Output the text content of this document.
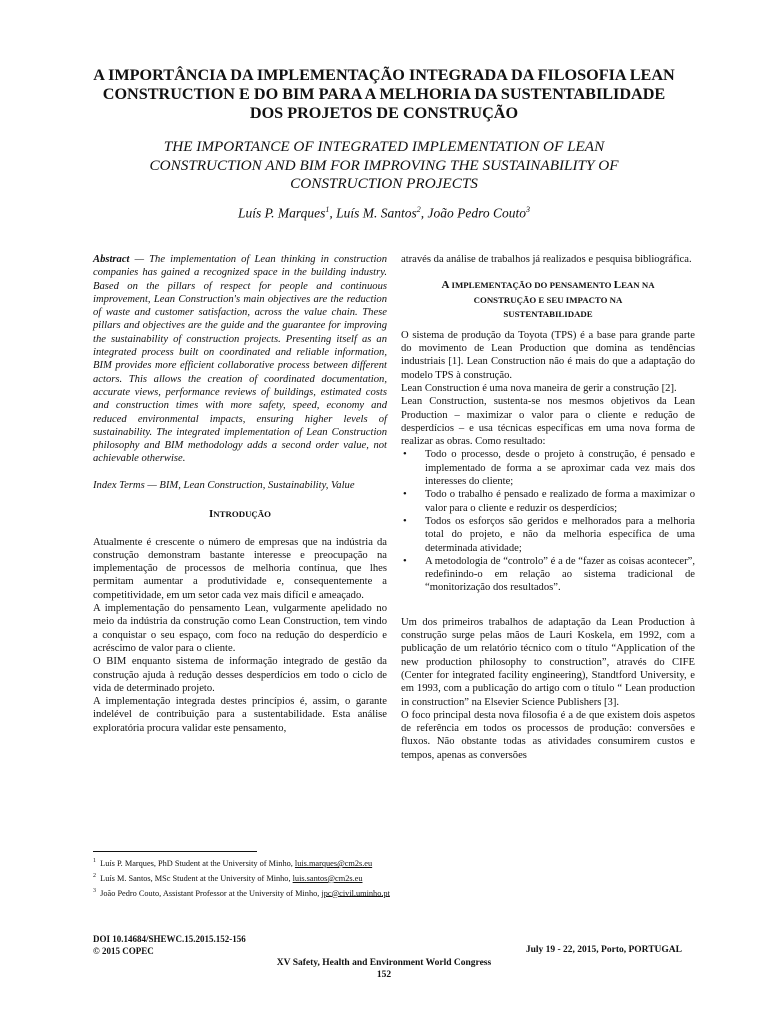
A IMPORTÂNCIA DA IMPLEMENTAÇÃO INTEGRADA DA FILOSOFIA LEAN
CONSTRUCTION E DO BIM PARA A MELHORIA DA SUSTENTABILIDADE
DOS PROJETOS DE CONSTRUÇÃO
THE IMPORTANCE OF INTEGRATED IMPLEMENTATION OF LEAN
CONSTRUCTION AND BIM FOR IMPROVING THE SUSTAINABILITY OF
CONSTRUCTION PROJECTS
Luís P. Marques$^1$, Luís M. Santos$^2$, João Pedro Couto$^3$

Abstract — The implementation of Lean thinking in construction companies has gained a recognized space in the building industry. Based on the pillars of respect for people and continuous improvement, Lean Construction's main objectives are the reduction of waste and customer satisfaction, across the value chain. These pillars and objectives are the guide and the guarantee for improving the sustainability of construction projects. Presenting itself as an integrated process built on coordinated and reliable information, BIM provides more efficient collaborative process between different actors. This allows the creation of coordinated documentation, accurate views, performance reviews of buildings, estimated costs and construction times with more safety, speed, economy and reduced environmental impacts, ensuring higher levels of sustainability. The integrated implementation of Lean Construction philosophy and BIM methodology adds a second order value, not achievable otherwise.

Index Terms — BIM, Lean Construction, Sustainability, Value

INTRODUÇÃO

Atualmente é crescente o número de empresas que na indústria da construção demonstram bastante interesse e preocupação na implementação de processos de melhoria contínua, que lhes permitam aumentar a produtividade e, consequentemente a competitividade, em um setor cada vez mais difícil e ameaçado.

A implementação do pensamento Lean, vulgarmente apelidado no meio da indústria da construção como Lean Construction, tem vindo a conquistar o seu espaço, com foco na redução do desperdício e acréscimo de valor para o cliente.

O BIM enquanto sistema de informação integrado de gestão da construção ajuda à redução desses desperdícios em todo o ciclo de vida de determinado projeto.

A implementação integrada destes princípios é, assim, o garante indelével de contribuição para a sustentabilidade. Esta análise exploratória procura validar este pensamento,

através da análise de trabalhos já realizados e pesquisa bibliográfica.

A IMPLEMENTAÇÃO DO PENSAMENTO LEAN NA
CONSTRUÇÃO E SEU IMPACTO NA
SUSTENTABILIDADE

O sistema de produção da Toyota (TPS) é a base para grande parte do movimento de Lean Production que domina as tendências industriais [1]. Lean Construction não é mais do que a adaptação do modelo TPS à construção.

Lean Construction é uma nova maneira de gerir a construção [2].

Lean Construction, sustenta-se nos mesmos objetivos da Lean Production – maximizar o valor para o cliente e redução de desperdícios – e usa técnicas específicas em uma nova forma de realizar as obras. Como resultado:

• Todo o processo, desde o projeto à construção, é pensado e implementado de forma a se aproximar cada vez mais dos interesses do cliente;
• Todo o trabalho é pensado e realizado de forma a maximizar o valor para o cliente e reduzir os desperdícios;
• Todos os esforços são geridos e melhorados para a melhoria total do projeto, e não da melhoria específica de uma determinada atividade;
• A metodologia de “controlo” é a de “fazer as coisas acontecer”, redefinindo-o em relação ao sistema tradicional de “monitorização dos resultados”.

Um dos primeiros trabalhos de adaptação da Lean Production à construção surge pelas mãos de Lauri Koskela, em 1992, com a publicação de um relatório técnico com o título “Application of the new production philosophy to construction”, através do CIFE (Center for integrated facility engineering), Standtford University, e em 1993, com a publicação do artigo com o título “ Lean production in construction” na Elsevier Science Publishers [3].

O foco principal desta nova filosofia é a de que existem dois aspetos de referência em todos os processos de produção: conversões e fluxos. Não obstante todas as atividades consumirem custos e tempos, apenas as conversões

$^1$ Luís P. Marques, PhD Student at the University of Minho, luis.marques@cm2s.eu
$^2$ Luís M. Santos, MSc Student at the University of Minho, luis.santos@cm2s.eu
$^3$ João Pedro Couto, Assistant Professor at the University of Minho, jpc@civil.uminho.pt
DOI 10.14684/SHEWC.15.2015.152-156
© 2015 COPEC	July 19 - 22, 2015, Porto, PORTUGAL
XV Safety, Health and Environment World Congress
152
